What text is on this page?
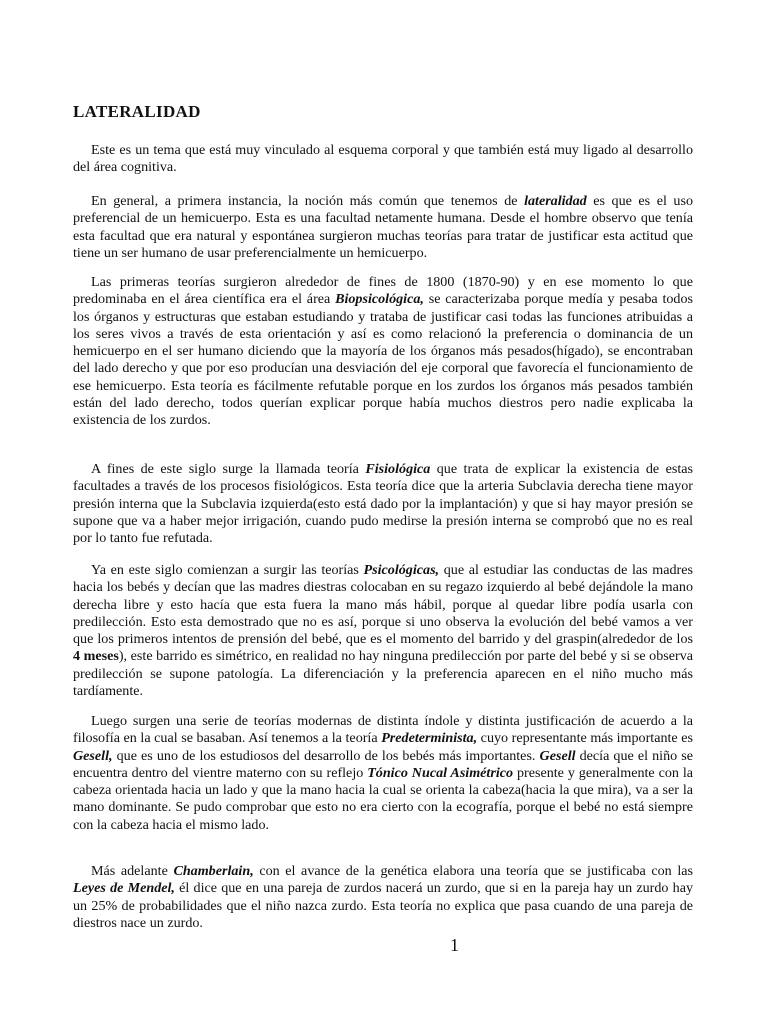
LATERALIDAD

Este es un tema que está muy vinculado al esquema corporal y que también está muy ligado al desarrollo del área cognitiva.

En general, a primera instancia, la noción más común que tenemos de lateralidad es que es el uso preferencial de un hemicuerpo. Esta es una facultad netamente humana. Desde el hombre observo que tenía esta facultad que era natural y espontánea surgieron muchas teorías para tratar de justificar esta actitud que tiene un ser humano de usar preferencialmente un hemicuerpo.

Las primeras teorías surgieron alrededor de fines de 1800 (1870-90) y en ese momento lo que predominaba en el área científica era el área Biopsicológica, se caracterizaba porque medía y pesaba todos los órganos y estructuras que estaban estudiando y trataba de justificar casi todas las funciones atribuidas a los seres vivos a través de esta orientación y así es como relacionó la preferencia o dominancia de un hemicuerpo en el ser humano diciendo que la mayoría de los órganos más pesados(hígado), se encontraban del lado derecho y que por eso producían una desviación del eje corporal que favorecía el funcionamiento de ese hemicuerpo. Esta teoría es fácilmente refutable porque en los zurdos los órganos más pesados también están del lado derecho, todos querían explicar porque había muchos diestros pero nadie explicaba la existencia de los zurdos.

A fines de este siglo surge la llamada teoría Fisiológica que trata de explicar la existencia de estas facultades a través de los procesos fisiológicos. Esta teoría dice que la arteria Subclavia derecha tiene mayor presión interna que la Subclavia izquierda(esto está dado por la implantación) y que si hay mayor presión se supone que va a haber mejor irrigación, cuando pudo medirse la presión interna se comprobó que no es real por lo tanto fue refutada.

Ya en este siglo comienzan a surgir las teorías Psicológicas, que al estudiar las conductas de las madres hacia los bebés y decían que las madres diestras colocaban en su regazo izquierdo al bebé dejándole la mano derecha libre y esto hacía que esta fuera la mano más hábil, porque al quedar libre podía usarla con predilección. Esto esta demostrado que no es así, porque si uno observa la evolución del bebé vamos a ver que los primeros intentos de prensión del bebé, que es el momento del barrido y del graspin(alrededor de los 4 meses), este barrido es simétrico, en realidad no hay ninguna predilección por parte del bebé y si se observa predilección se supone patología. La diferenciación y la preferencia aparecen en el niño mucho más tardíamente.

Luego surgen una serie de teorías modernas de distinta índole y distinta justificación de acuerdo a la filosofía en la cual se basaban. Así tenemos a la teoría Predeterminista, cuyo representante más importante es Gesell, que es uno de los estudiosos del desarrollo de los bebés más importantes. Gesell decía que el niño se encuentra dentro del vientre materno con su reflejo Tónico Nucal Asimétrico presente y generalmente con la cabeza orientada hacia un lado y que la mano hacia la cual se orienta la cabeza(hacia la que mira), va a ser la mano dominante. Se pudo comprobar que esto no era cierto con la ecografía, porque el bebé no está siempre con la cabeza hacia el mismo lado.

Más adelante Chamberlain, con el avance de la genética elabora una teoría que se justificaba con las Leyes de Mendel, él dice que en una pareja de zurdos nacerá un zurdo, que si en la pareja hay un zurdo hay un 25% de probabilidades que el niño nazca zurdo. Esta teoría no explica que pasa cuando de una pareja de diestros nace un zurdo.

1
